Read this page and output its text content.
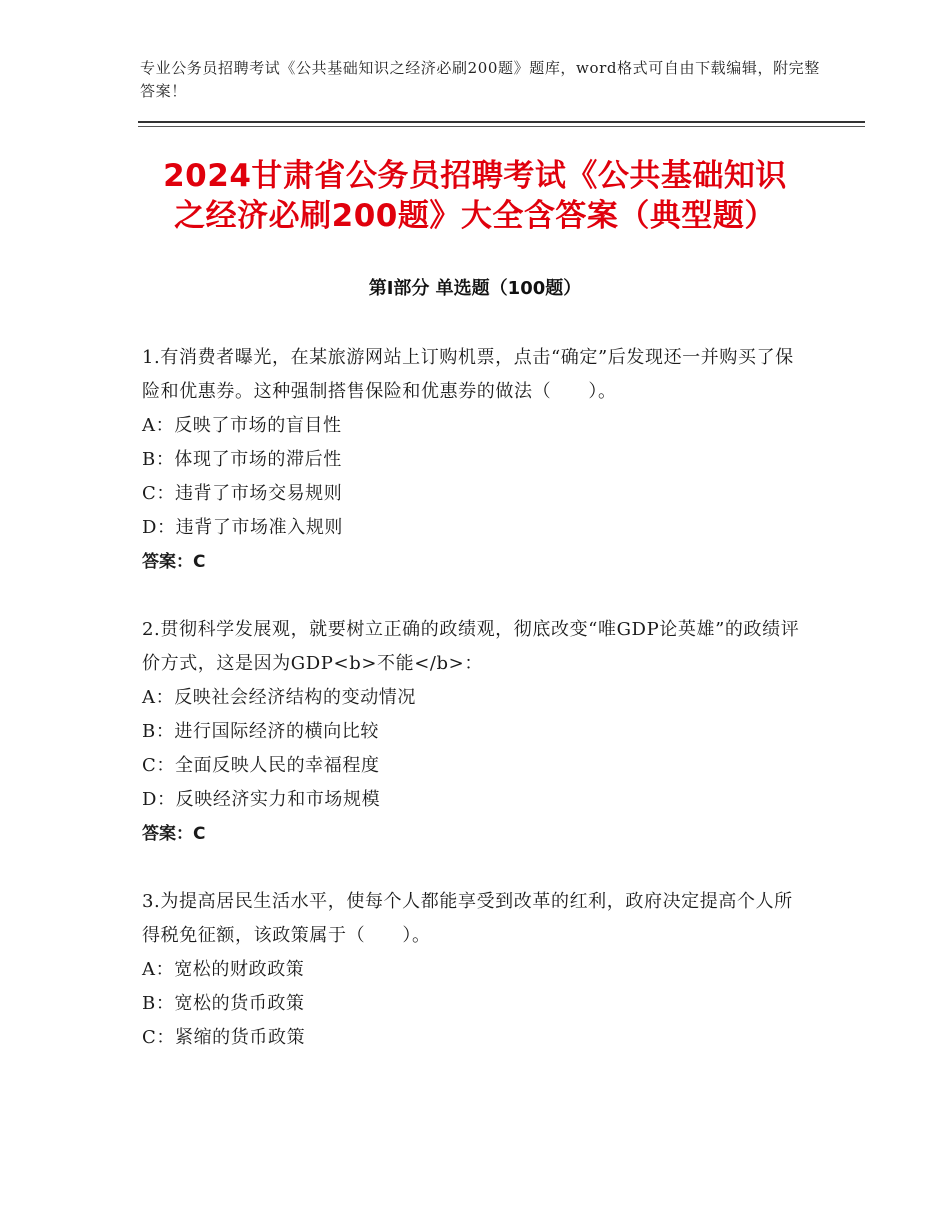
专业公务员招聘考试《公共基础知识之经济必刷200题》题库，word格式可自由下载编辑，附完整答案！
2024甘肃省公务员招聘考试《公共基础知识
之经济必刷200题》大全含答案（典型题）
第Ⅰ部分 单选题（100题）

1.有消费者曝光，在某旅游网站上订购机票，点击“确定”后发现还一并购买了保险和优惠券。这种强制搭售保险和优惠券的做法（　　）。

A：反映了市场的盲目性

B：体现了市场的滞后性

C：违背了市场交易规则

D：违背了市场准入规则

答案：C

2.贯彻科学发展观，就要树立正确的政绩观，彻底改变“唯GDP论英雄”的政绩评价方式，这是因为GDP<b>不能</b>：

A：反映社会经济结构的变动情况

B：进行国际经济的横向比较

C：全面反映人民的幸福程度

D：反映经济实力和市场规模

答案：C

3.为提高居民生活水平，使每个人都能享受到改革的红利，政府决定提高个人所得税免征额，该政策属于（　　）。

A：宽松的财政政策

B：宽松的货币政策

C：紧缩的货币政策
